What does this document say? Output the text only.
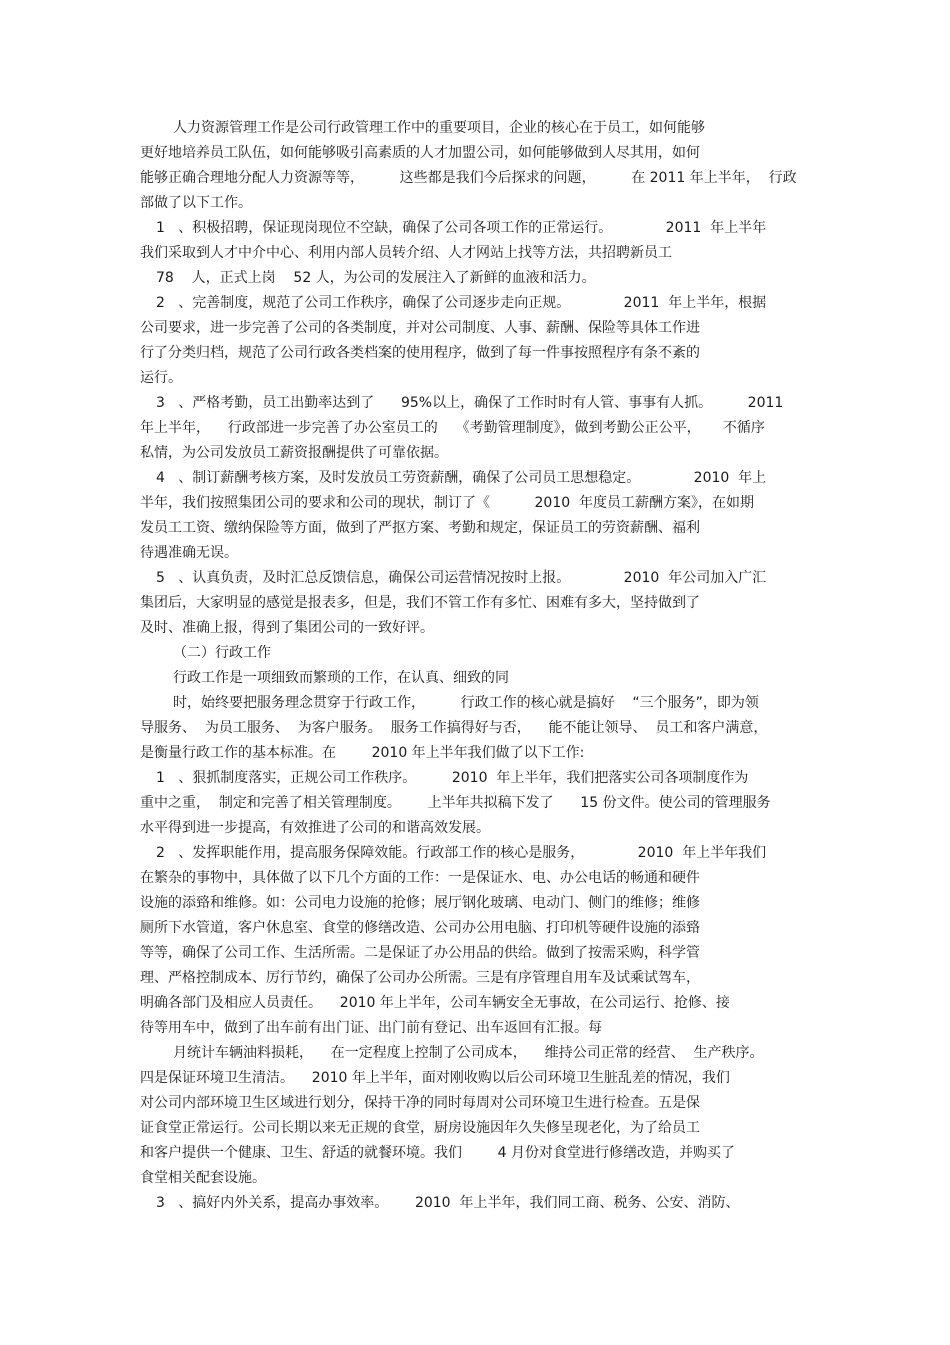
人力资源管理工作是公司行政管理工作中的重要项目，企业的核心在于员工，如何能够
更好地培养员工队伍，如何能够吸引高素质的人才加盟公司，如何能够做到人尽其用，如何
能够正确合理地分配人力资源等等，        这些都是我们今后探求的问题，        在 2011 年上半年，  行政
部做了以下工作。
1   、积极招聘，保证现岗现位不空缺，确保了公司各项工作的正常运行。            2011  年上半年
我们采取到人才中介中心、利用内部人员转介绍、人才网站上找等方法，共招聘新员工
78    人，正式上岗    52 人，为公司的发展注入了新鲜的血液和活力。
2   、完善制度，规范了公司工作秩序，确保了公司逐步走向正规。            2011  年上半年，根据
公司要求，进一步完善了公司的各类制度，并对公司制度、人事、薪酬、保险等具体工作进
行了分类归档，规范了公司行政各类档案的使用程序，做到了每一件事按照程序有条不紊的
运行。
3   、严格考勤，员工出勤率达到了      95%以上，确保了工作时时有人管、事事有人抓。        2011
年上半年，    行政部进一步完善了办公室员工的    《考勤管理制度》，做到考勤公正公平，     不循序
私情，为公司发放员工薪资报酬提供了可靠依据。
4   、制订薪酬考核方案，及时发放员工劳资薪酬，确保了公司员工思想稳定。            2010  年上
半年，我们按照集团公司的要求和公司的现状，制订了《          2010  年度员工薪酬方案》，在如期
发员工工资、缴纳保险等方面，做到了严抠方案、考勤和规定，保证员工的劳资薪酬、福利
待遇准确无误。
5   、认真负责，及时汇总反馈信息，确保公司运营情况按时上报。            2010  年公司加入广汇
集团后，大家明显的感觉是报表多，但是，我们不管工作有多忙、困难有多大，坚持做到了
及时、准确上报，得到了集团公司的一致好评。
（二）行政工作
行政工作是一项细致而繁琐的工作，在认真、细致的同
时，始终要把服务理念贯穿于行政工作，        行政工作的核心就是搞好    “三个服务”，即为领
导服务、  为员工服务、  为客户服务。  服务工作搞得好与否，    能不能让领导、  员工和客户满意，
是衡量行政工作的基本标准。在        2010 年上半年我们做了以下工作:
1   、狠抓制度落实，正规公司工作秩序。        2010  年上半年，我们把落实公司各项制度作为
重中之重，  制定和完善了相关管理制度。      上半年共拟稿下发了      15 份文件。使公司的管理服务
水平得到进一步提高，有效推进了公司的和谐高效发展。
2   、发挥职能作用，提高服务保障效能。行政部工作的核心是服务，            2010  年上半年我们
在繁杂的事物中，具体做了以下几个方面的工作：一是保证水、电、办公电话的畅通和硬件
设施的添臵和维修。如：公司电力设施的抢修；展厅钢化玻璃、电动门、侧门的维修；维修
厕所下水管道，客户休息室、食堂的修缮改造、公司办公用电脑、打印机等硬件设施的添臵
等等，确保了公司工作、生活所需。二是保证了办公用品的供给。做到了按需采购，科学管
理、严格控制成本、厉行节约，确保了公司办公所需。三是有序管理自用车及试乘试驾车，
明确各部门及相应人员责任。    2010 年上半年，公司车辆安全无事故，在公司运行、抢修、接
待等用车中，做到了出车前有出门证、出门前有登记、出车返回有汇报。每
月统计车辆油料损耗，    在一定程度上控制了公司成本，    维持公司正常的经营、  生产秩序。
四是保证环境卫生清洁。    2010 年上半年，面对刚收购以后公司环境卫生脏乱差的情况，我们
对公司内部环境卫生区域进行划分，保持干净的同时每周对公司环境卫生进行检查。五是保
证食堂正常运行。公司长期以来无正规的食堂，厨房设施因年久失修呈现老化，为了给员工
和客户提供一个健康、卫生、舒适的就餐环境。我们        4 月份对食堂进行修缮改造，并购买了
食堂相关配套设施。
3   、搞好内外关系，提高办事效率。      2010  年上半年，我们同工商、税务、公安、消防、
